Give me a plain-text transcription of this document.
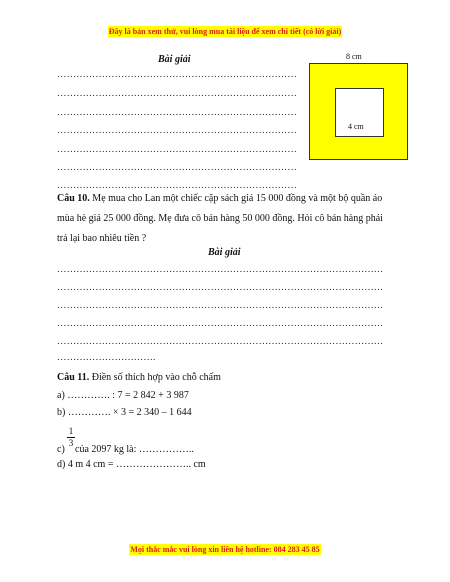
Đây là bản xem thử, vui lòng mua tài liệu để xem chi tiết (có lời giải)
Bài giải
…………………………………………………………………
…………………………………………………………………
…………………………………………………………………
…………………………………………………………………
…………………………………………………………………
…………………………………………………………………
…………………………………………………………………
8 cm
4 cm
Câu 10. Mẹ mua cho Lan một chiếc cặp sách giá 15 000 đồng và một bộ quần áo
mùa hè giá 25 000 đồng. Mẹ đưa cô bán hàng 50 000 đồng. Hỏi cô bán hàng phải
trả lại bao nhiêu tiền ?
Bài giải
…………………………………………………………………………………………
…………………………………………………………………………………………
…………………………………………………………………………………………
…………………………………………………………………………………………
…………………………………………………………………………………………
………………………….
Câu 11. Điền số thích hợp vào chỗ chấm
a) …………. : 7 = 2 842 + 3 987
b) …………. × 3 = 2 340 – 1 644
c)
$\frac{1}{3}$
của 2097 kg là: ……………..
d) 4 m 4 cm = ………………….. cm
Mọi thắc mắc vui lòng xin liên hệ hotline: 084 283 45 85
